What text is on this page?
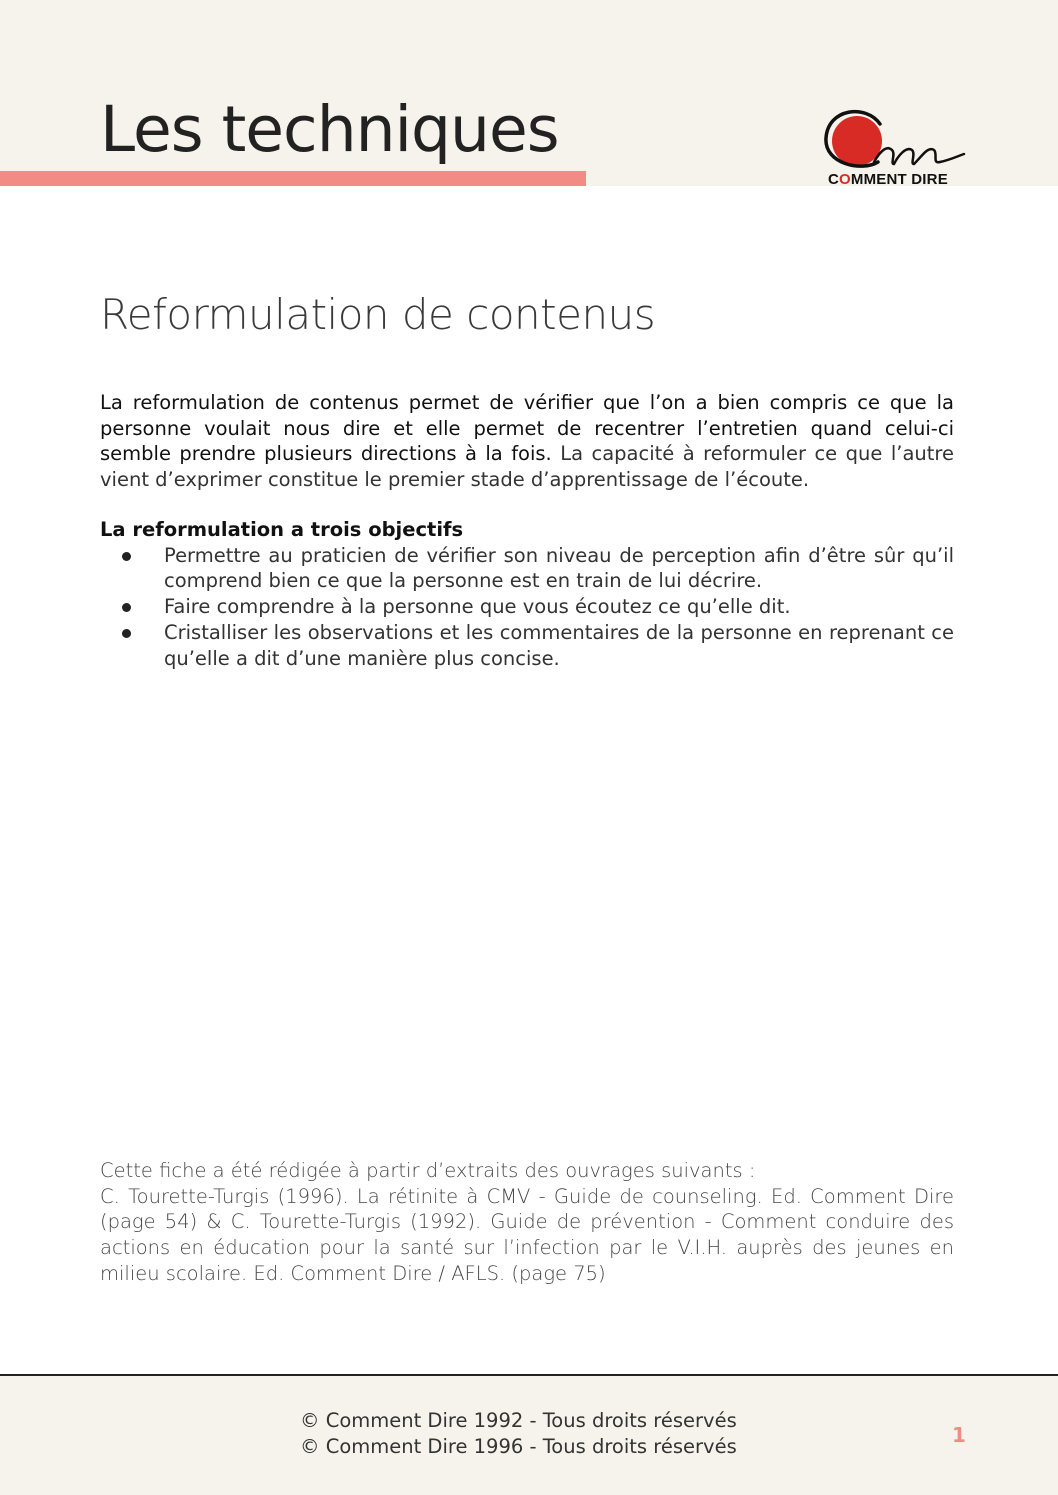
Les techniques
COMMENT DIRE
Reformulation de contenus

La reformulation de contenus permet de vérifier que l’on a bien compris ce que la personne voulait nous dire et elle permet de recentrer l’entretien quand celui-ci semble prendre plusieurs directions à la fois. La capacité à reformuler ce que l’autre vient d’exprimer constitue le premier stade d’apprentissage de l’écoute.

La reformulation a trois objectifs

Permettre au praticien de vérifier son niveau de perception afin d’être sûr qu’il comprend bien ce que la personne est en train de lui décrire.
Faire comprendre à la personne que vous écoutez ce qu’elle dit.
Cristalliser les observations et les commentaires de la personne en reprenant ce qu’elle a dit d’une manière plus concise.

Cette fiche a été rédigée à partir d’extraits des ouvrages suivants :
C. Tourette-Turgis (1996). La rétinite à CMV - Guide de counseling. Ed. Comment Dire (page 54) & C. Tourette-Turgis (1992). Guide de prévention - Comment conduire des actions en éducation pour la santé sur l’infection par le V.I.H. auprès des jeunes en milieu scolaire. Ed. Comment Dire / AFLS. (page 75)

© Comment Dire 1992 - Tous droits réservés
© Comment Dire 1996 - Tous droits réservés	1
